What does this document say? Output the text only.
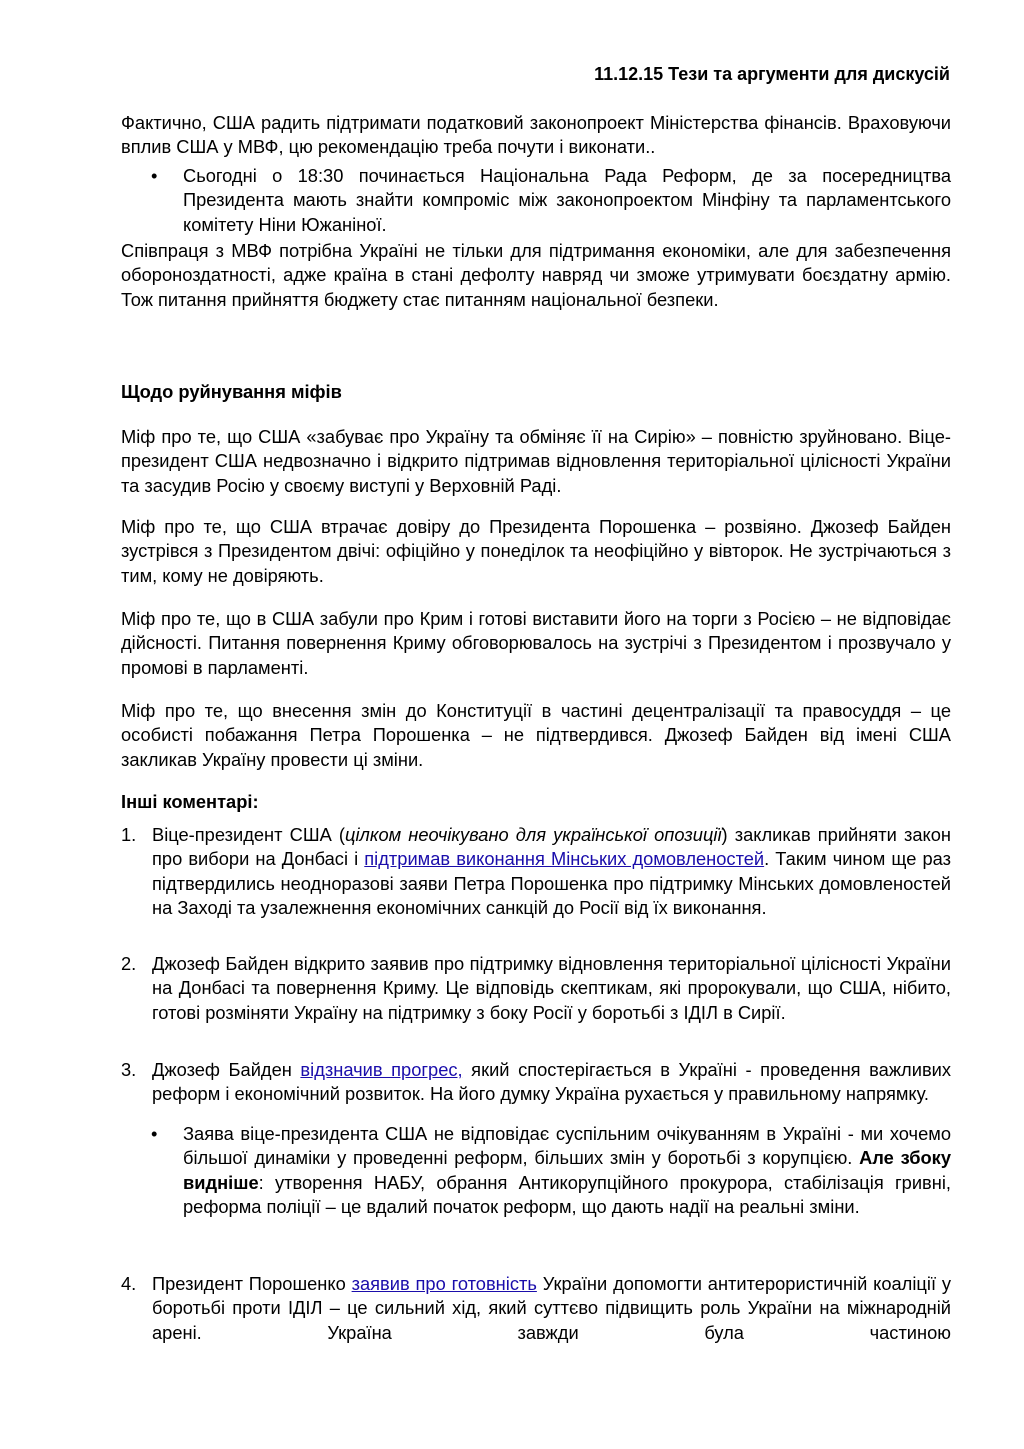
11.12.15 Тези та аргументи для дискусій

Фактично, США радить підтримати податковий законопроект Міністерства фінансів. Враховуючи вплив США у МВФ, цю рекомендацію треба почути і виконати..

• Сьогодні о 18:30 починається Національна Рада Реформ, де за посередництва Президента мають знайти компроміс між законопроектом Мінфіну та парламентського комітету Ніни Южаніної.

Співпраця з МВФ потрібна Україні не тільки для підтримання економіки, але для забезпечення обороноздатності, адже країна в стані дефолту навряд чи зможе утримувати боєздатну армію. Тож питання прийняття бюджету стає питанням національної безпеки.

Щодо руйнування міфів

Міф про те, що США «забуває про Україну та обміняє її на Сирію» – повністю зруйновано. Віце-президент США недвозначно і відкрито підтримав відновлення територіальної цілісності України та засудив Росію у своєму виступі у Верховній Раді.

Міф про те, що США втрачає довіру до Президента Порошенка – розвіяно. Джозеф Байден зустрівся з Президентом двічі: офіційно у понеділок та неофіційно у вівторок. Не зустрічаються з тим, кому не довіряють.

Міф про те, що в США забули про Крим і готові виставити його на торги з Росією – не відповідає дійсності. Питання повернення Криму обговорювалось на зустрічі з Президентом і прозвучало у промові в парламенті.

Міф про те, що внесення змін до Конституції в частині децентралізації та правосуддя – це особисті побажання Петра Порошенка – не підтвердився. Джозеф Байден від імені США закликав Україну провести ці зміни.

Інші коментарі:

1. Віце-президент США (цілком неочікувано для української опозиції) закликав прийняти закон про вибори на Донбасі і підтримав виконання Мінських домовленостей. Таким чином ще раз підтвердились неодноразові заяви Петра Порошенка про підтримку Мінських домовленостей на Заході та узалежнення економічних санкцій до Росії від їх виконання.

2. Джозеф Байден відкрито заявив про підтримку відновлення територіальної цілісності України на Донбасі та повернення Криму. Це відповідь скептикам, які пророкували, що США, нібито, готові розміняти Україну на підтримку з боку Росії у боротьбі з ІДІЛ в Сирії.

3. Джозеф Байден відзначив прогрес, який спостерігається в Україні - проведення важливих реформ і економічний розвиток. На його думку Україна рухається у правильному напрямку.

• Заява віце-президента США не відповідає суспільним очікуванням в Україні - ми хочемо більшої динаміки у проведенні реформ, більших змін у боротьбі з корупцією. Але збоку видніше: утворення НАБУ, обрання Антикорупційного прокурора, стабілізація гривні, реформа поліції – це вдалий початок реформ, що дають надії на реальні зміни.

4. Президент Порошенко заявив про готовність України допомогти антитерористичній коаліції у боротьбі проти ІДІЛ – це сильний хід, який суттєво підвищить роль України на міжнародній арені. Україна завжди була частиною
